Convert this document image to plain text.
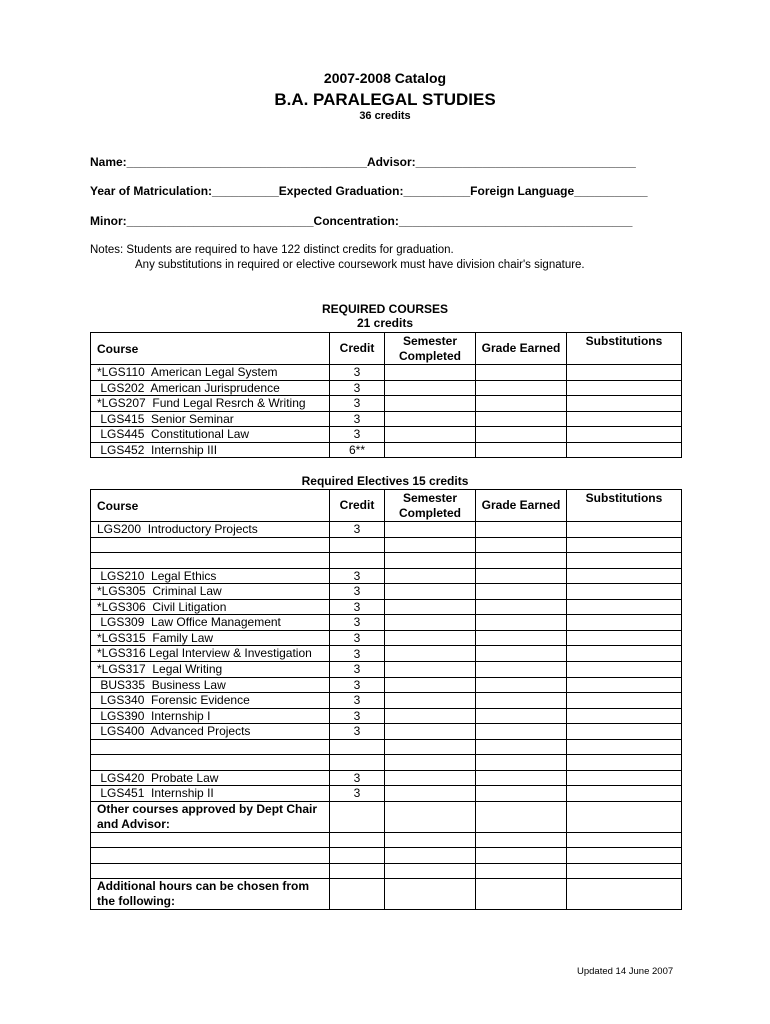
2007-2008 Catalog
B.A. PARALEGAL STUDIES
36 credits
Name:____________________________________Advisor:_________________________________
Year of Matriculation:__________Expected Graduation:__________Foreign Language___________
Minor:____________________________Concentration:___________________________________
Notes: Students are required to have 122 distinct credits for graduation.
Any substitutions in required or elective coursework must have division chair's signature.
REQUIRED COURSES
21 credits
Course	Credit	Semester Completed	Grade Earned	Substitutions
*LGS110  American Legal System	3			
LGS202  American Jurisprudence	3			
*LGS207  Fund Legal Resrch & Writing	3			
LGS415  Senior Seminar	3			
LGS445  Constitutional Law	3			
LGS452  Internship III	6**			
Required Electives 15 credits
Course	Credit	Semester Completed	Grade Earned	Substitutions
LGS200  Introductory Projects	3			

LGS210  Legal Ethics	3			
*LGS305  Criminal Law	3			
*LGS306  Civil Litigation	3			
LGS309  Law Office Management	3			
*LGS315  Family Law	3			
*LGS316 Legal Interview & Investigation	3			
*LGS317  Legal Writing	3			
BUS335  Business Law	3			
LGS340  Forensic Evidence	3			
LGS390  Internship I	3			
LGS400  Advanced Projects	3			

LGS420  Probate Law	3			
LGS451  Internship II	3			
Other courses approved by Dept Chair and Advisor:				

Additional hours can be chosen from the following:				
Updated 14 June 2007
